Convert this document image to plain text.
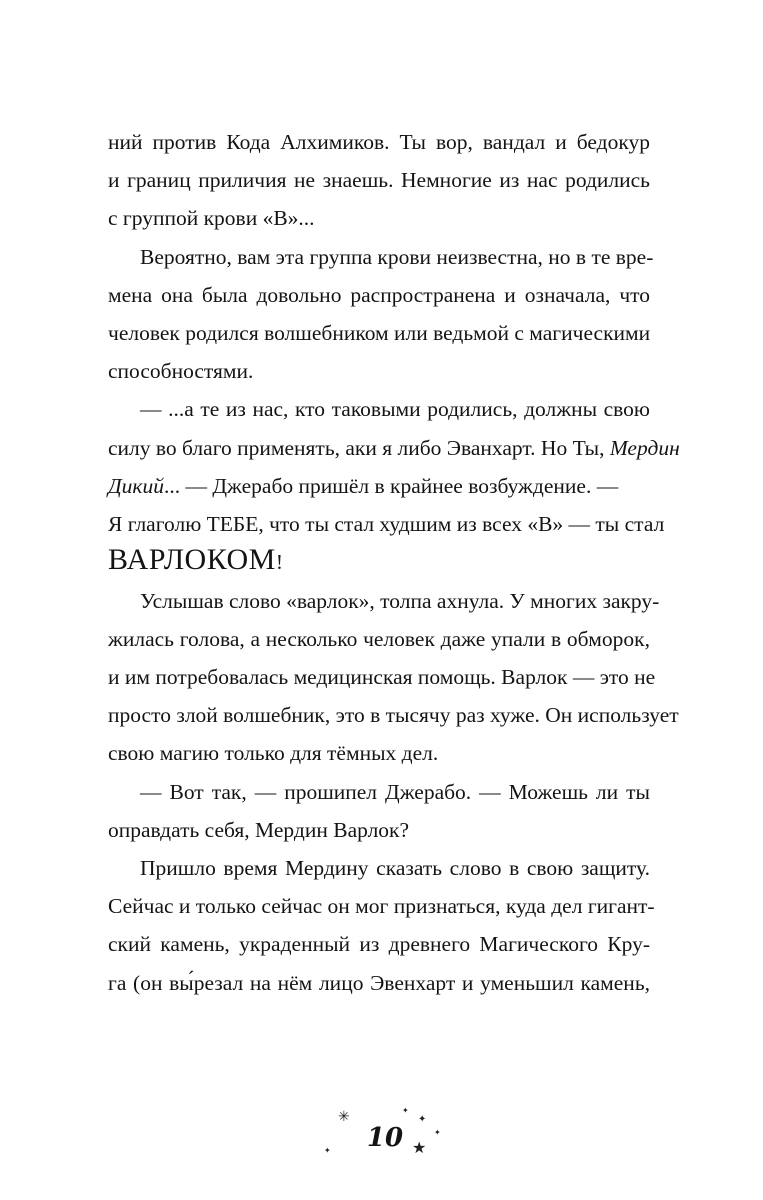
ний против Кода Алхимиков. Ты вор, вандал и бедокур
и границ приличия не знаешь. Немногие из нас родились
с группой крови «В»...
Вероятно, вам эта группа крови неизвестна, но в те вре-
мена она была довольно распространена и означала, что
человек родился волшебником или ведьмой с магическими
способностями.
— ...а те из нас, кто таковыми родились, должны свою
силу во благо применять, аки я либо Эванхарт. Но Ты, Мердин
Дикий... — Джерабо пришёл в крайнее возбуждение. —
Я глаголю ТЕБЕ, что ты стал худшим из всех «В» — ты стал
ВАРЛОКОМ!
Услышав слово «варлок», толпа ахнула. У многих закру-
жилась голова, а несколько человек даже упали в обморок,
и им потребовалась медицинская помощь. Варлок — это не
просто злой волшебник, это в тысячу раз хуже. Он использует
свою магию только для тёмных дел.
— Вот так, — прошипел Джерабо. — Можешь ли ты
оправдать себя, Мердин Варлок?
Пришло время Мердину сказать слово в свою защиту.
Сейчас и только сейчас он мог признаться, куда дел гигант-
ский камень, украденный из древнего Магического Кру-
га (он вы́резал на нём лицо Эвенхарт и уменьшил камень,
✳	✦
✦
✦
✦	★
10
